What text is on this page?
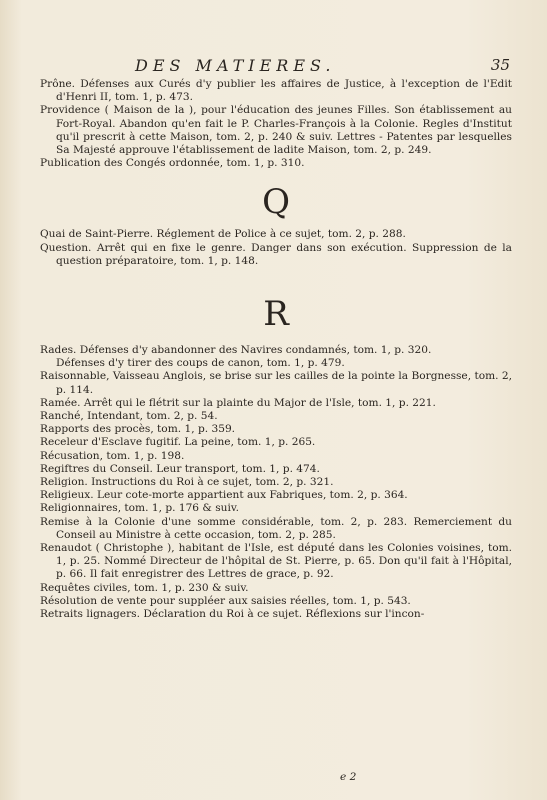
DES MATIERES.	35

Prône. Défenses aux Curés d'y publier les affaires de Justice, à l'exception de l'Edit d'Henri II, tom. 1, p. 473.

Providence ( Maison de la ), pour l'éducation des jeunes Filles. Son établissement au Fort-Royal. Abandon qu'en fait le P. Charles-François à la Colonie. Regles d'Institut qu'il prescrit à cette Maison, tom. 2, p. 240 & suiv. Lettres - Patentes par lesquelles Sa Majesté approuve l'établissement de ladite Maison, tom. 2, p. 249.

Publication des Congés ordonnée, tom. 1, p. 310.

Q

Quai de Saint-Pierre. Réglement de Police à ce sujet, tom. 2, p. 288.

Question. Arrêt qui en fixe le genre. Danger dans son exécution. Suppression de la question préparatoire, tom. 1, p. 148.

R

Rades. Défenses d'y abandonner des Navires condamnés, tom. 1, p. 320.

Défenses d'y tirer des coups de canon, tom. 1, p. 479.

Raisonnable, Vaisseau Anglois, se brise sur les cailles de la pointe la Borgnesse, tom. 2, p. 114.

Ramée. Arrêt qui le flétrit sur la plainte du Major de l'Isle, tom. 1, p. 221.

Ranché, Intendant, tom. 2, p. 54.

Rapports des procès, tom. 1, p. 359.

Receleur d'Esclave fugitif. La peine, tom. 1, p. 265.

Récusation, tom. 1, p. 198.

Regiftres du Conseil. Leur transport, tom. 1, p. 474.

Religion. Instructions du Roi à ce sujet, tom. 2, p. 321.

Religieux. Leur cote-morte appartient aux Fabriques, tom. 2, p. 364.

Religionnaires, tom. 1, p. 176 & suiv.

Remise à la Colonie d'une somme considérable, tom. 2, p. 283. Remerciement du Conseil au Ministre à cette occasion, tom. 2, p. 285.

Renaudot ( Christophe ), habitant de l'Isle, est député dans les Colonies voisines, tom. 1, p. 25. Nommé Directeur de l'hôpital de St. Pierre, p. 65. Don qu'il fait à l'Hôpital, p. 66. Il fait enregistrer des Lettres de grace, p. 92.

Requêtes civiles, tom. 1, p. 230 & suiv.

Résolution de vente pour suppléer aux saisies réelles, tom. 1, p. 543.

Retraits lignagers. Déclaration du Roi à ce sujet. Réflexions sur l'incon-

e 2
